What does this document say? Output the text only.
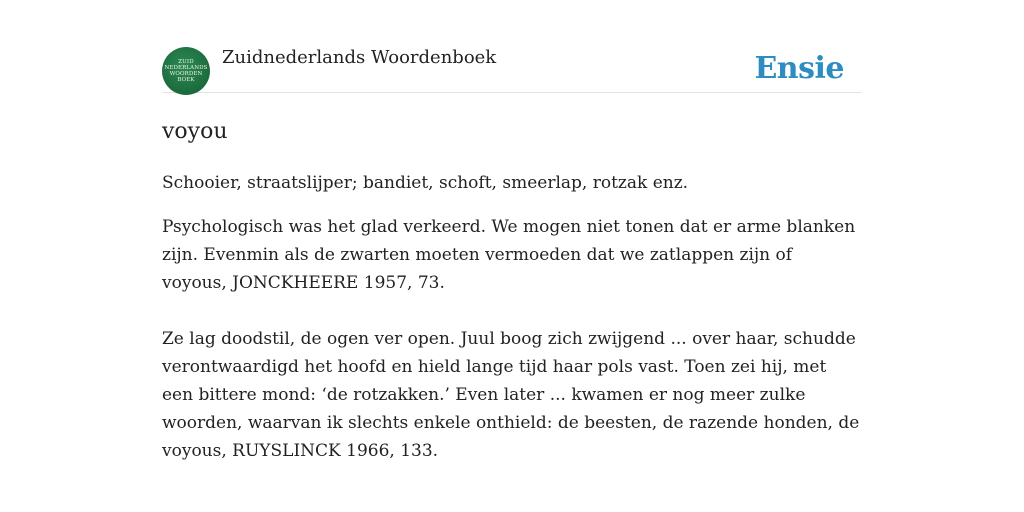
ZUID
NEDERLANDS
WOORDEN
BOEK
Zuidnederlands Woordenboek	Ensie
voyou
Schooier, straatslijper; bandiet, schoft, smeerlap, rotzak enz.
Psychologisch was het glad verkeerd. We mogen niet tonen dat er arme blanken zijn. Evenmin als de zwarten moeten vermoeden dat we zatlappen zijn of voyous, JONCKHEERE 1957, 73.
Ze lag doodstil, de ogen ver open. Juul boog zich zwijgend ... over haar, schudde verontwaardigd het hoofd en hield lange tijd haar pols vast. Toen zei hij, met een bittere mond: ‘de rotzakken.’ Even later ... kwamen er nog meer zulke woorden, waarvan ik slechts enkele onthield: de beesten, de razende honden, de voyous, RUYSLINCK 1966, 133.
